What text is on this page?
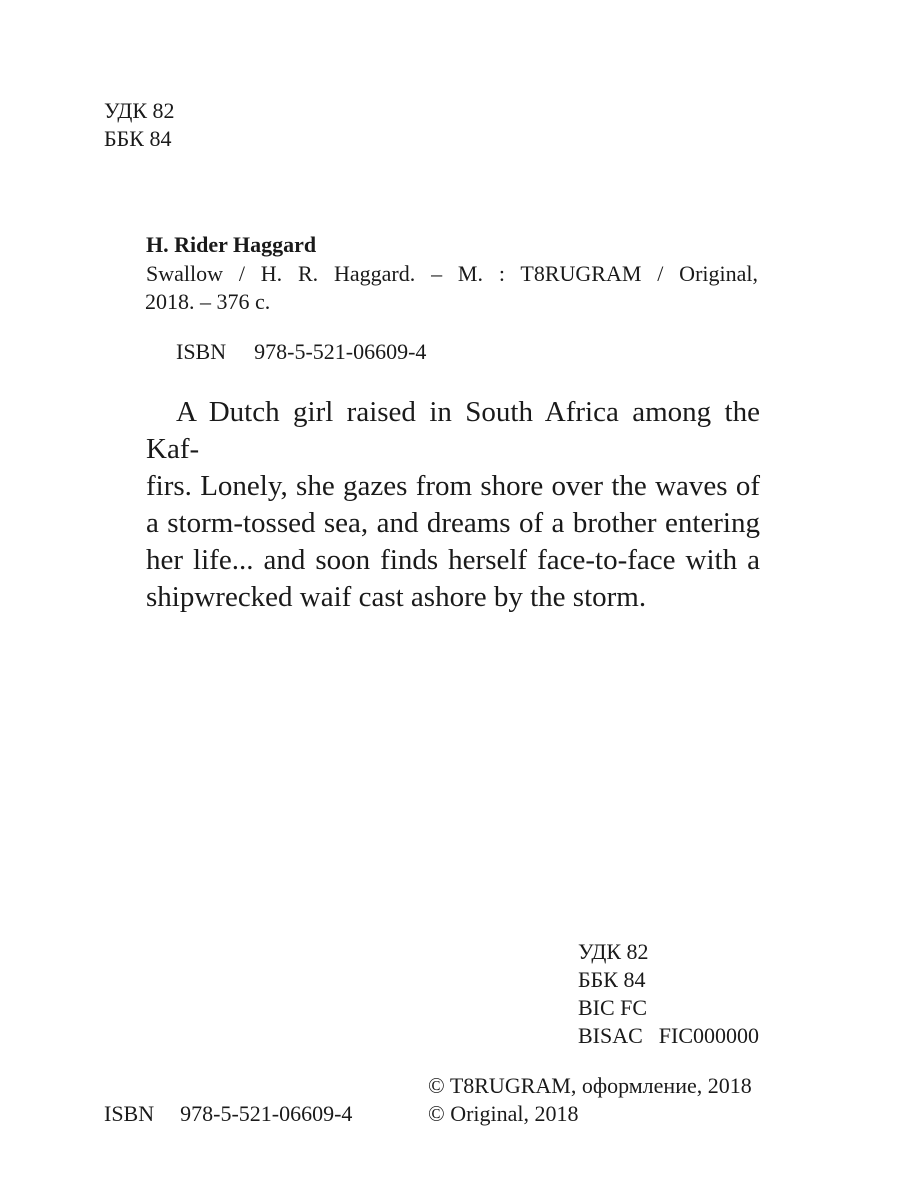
УДК 82
ББК 84
H. Rider Haggard
Swallow / H. R. Haggard. – M. : T8RUGRAM / Original,
2018. – 376 с.
ISBN 978-5-521-06609-4

A Dutch girl raised in South Africa among the Kaf-
firs. Lonely, she gazes from shore over the waves of
a storm-tossed sea, and dreams of a brother entering
her life... and soon finds herself face-to-face with a
shipwrecked waif cast ashore by the storm.

УДК 82
ББК 84
BIC FC
BISAC FIC000000
© T8RUGRAM, оформление, 2018
© Original, 2018
ISBN 978-5-521-06609-4
